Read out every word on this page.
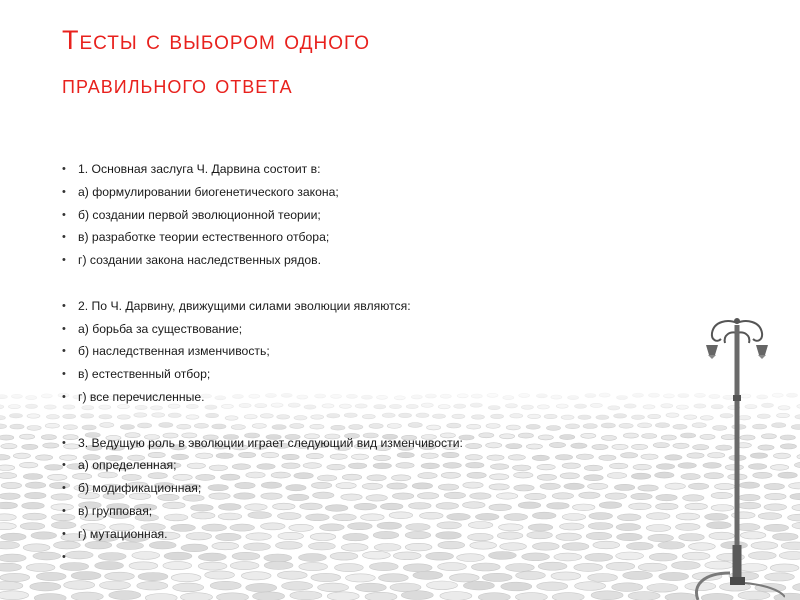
Тесты с выбором одного
правильного ответа
• 1. Основная заслуга Ч. Дарвина состоит в:
• а) формулировании биогенетического закона;
• б) создании первой эволюционной теории;
• в) разработке теории естественного отбора;
• г) создании закона наследственных рядов.
• 2. По Ч. Дарвину, движущими силами эволюции являются:
• а) борьба за существование;
• б) наследственная изменчивость;
• в) естественный отбор;
• г) все перечисленные.
• 3. Ведущую роль в эволюции играет следующий вид изменчивости:
• а) определенная;
• б) модификационная;
• в) групповая;
• г) мутационная.
•
